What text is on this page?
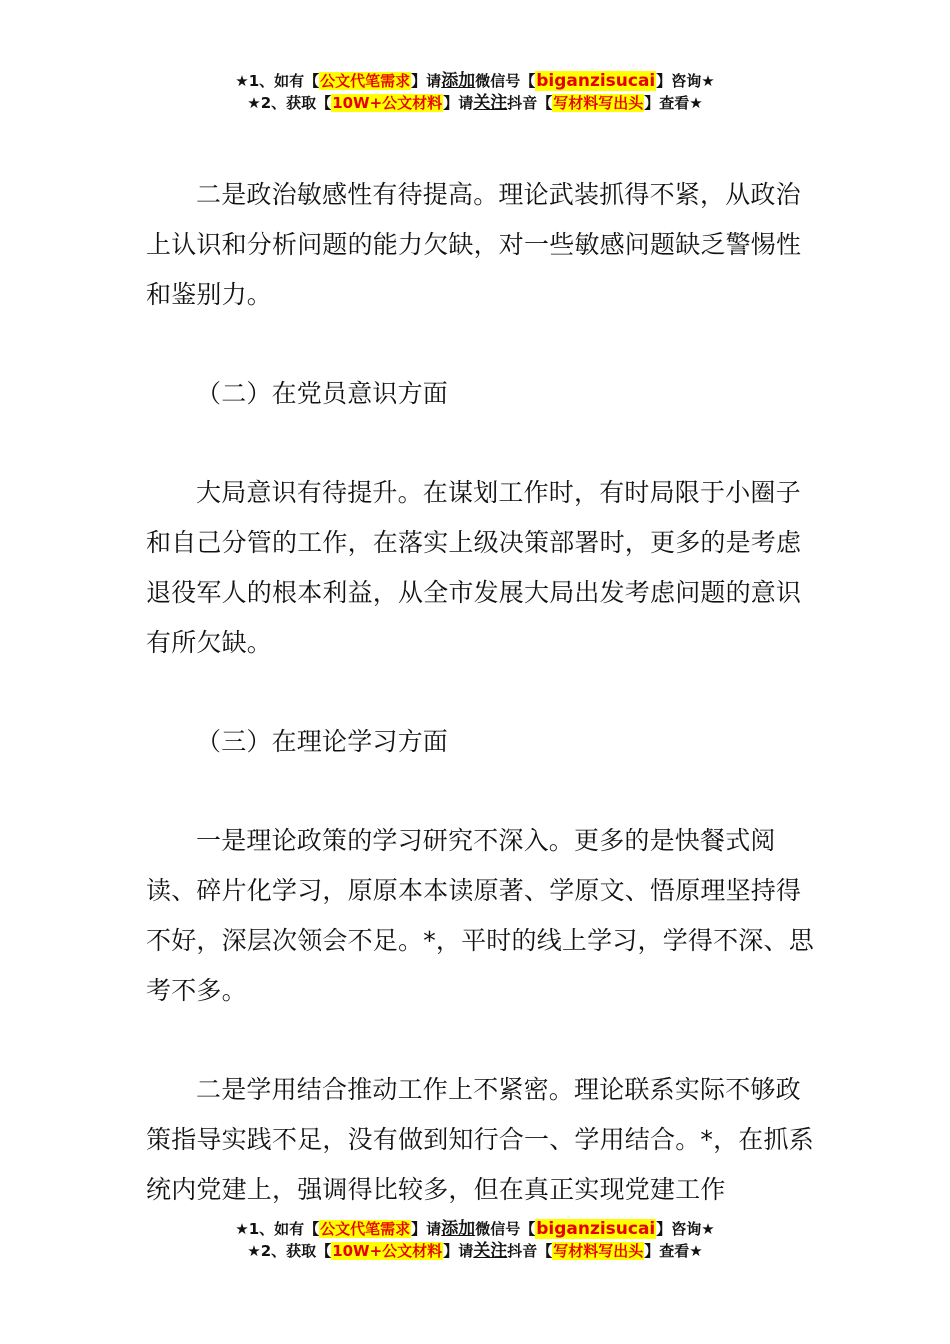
★1、如有【公文代笔需求】请添加微信号【biganzisucai】咨询★
★2、获取【10W+公文材料】请关注抖音【写材料写出头】查看★

二是政治敏感性有待提高。理论武装抓得不紧，从政治上认识和分析问题的能力欠缺，对一些敏感问题缺乏警惕性和鉴别力。

（二）在党员意识方面

大局意识有待提升。在谋划工作时，有时局限于小圈子和自己分管的工作，在落实上级决策部署时，更多的是考虑退役军人的根本利益，从全市发展大局出发考虑问题的意识有所欠缺。

（三）在理论学习方面

一是理论政策的学习研究不深入。更多的是快餐式阅读、碎片化学习，原原本本读原著、学原文、悟原理坚持得不好，深层次领会不足。*，平时的线上学习，学得不深、思考不多。

二是学用结合推动工作上不紧密。理论联系实际不够政策指导实践不足，没有做到知行合一、学用结合。*，在抓系统内党建上，强调得比较多，但在真正实现党建工作

★1、如有【公文代笔需求】请添加微信号【biganzisucai】咨询★
★2、获取【10W+公文材料】请关注抖音【写材料写出头】查看★
